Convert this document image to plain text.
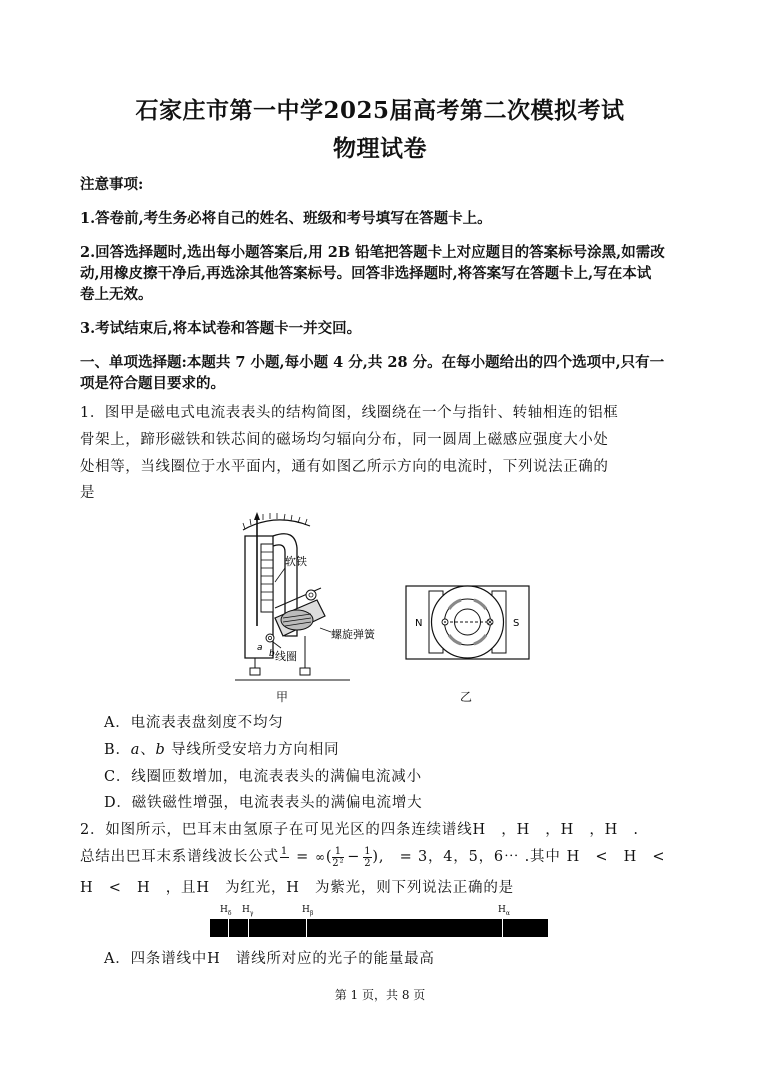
石家庄市第一中学2025届高考第二次模拟考试
物理试卷
注意事项:
1.答卷前,考生务必将自己的姓名、班级和考号填写在答题卡上。
2.回答选择题时,选出每小题答案后,用 2B 铅笔把答题卡上对应题目的答案标号涂黑,如需改
动,用橡皮擦干净后,再选涂其他答案标号。回答非选择题时,将答案写在答题卡上,写在本试
卷上无效。
3.考试结束后,将本试卷和答题卡一并交回。
一、单项选择题:本题共 7 小题,每小题 4 分,共 28 分。在每小题给出的四个选项中,只有一
项是符合题目要求的。
1．图甲是磁电式电流表表头的结构简图，线圈绕在一个与指针、转轴相连的铝框
骨架上，蹄形磁铁和铁芯间的磁场均匀辐向分布，同一圆周上磁感应强度大小处
处相等，当线圈位于水平面内，通有如图乙所示方向的电流时，下列说法正确的
是
软铁
螺旋弹簧
线圈
a
b
甲
N	S
乙
A．电流表表盘刻度不均匀
B．a、b 导线所受安培力方向相同
C．线圈匝数增加，电流表表头的满偏电流减小
D．磁铁磁性增强，电流表表头的满偏电流增大
2．如图所示，巴耳末由氢原子在可见光区的四条连续谱线H　，H　，H　，H　.
总结出巴耳末系谱线波长公式 1
= ∞( $\frac{1}{\text{2²}} - \frac{1}{2}$ ),　= 3，4，5，6⋯ .其中 H　<　H　<
H　<　H　，且H　为红光，H　为紫光，则下列说法正确的是
$H_\delta$ $H_\gamma$	$H_\beta$	$H_\alpha$
A．四条谱线中H　谱线所对应的光子的能量最高
第 1 页，共 8 页
